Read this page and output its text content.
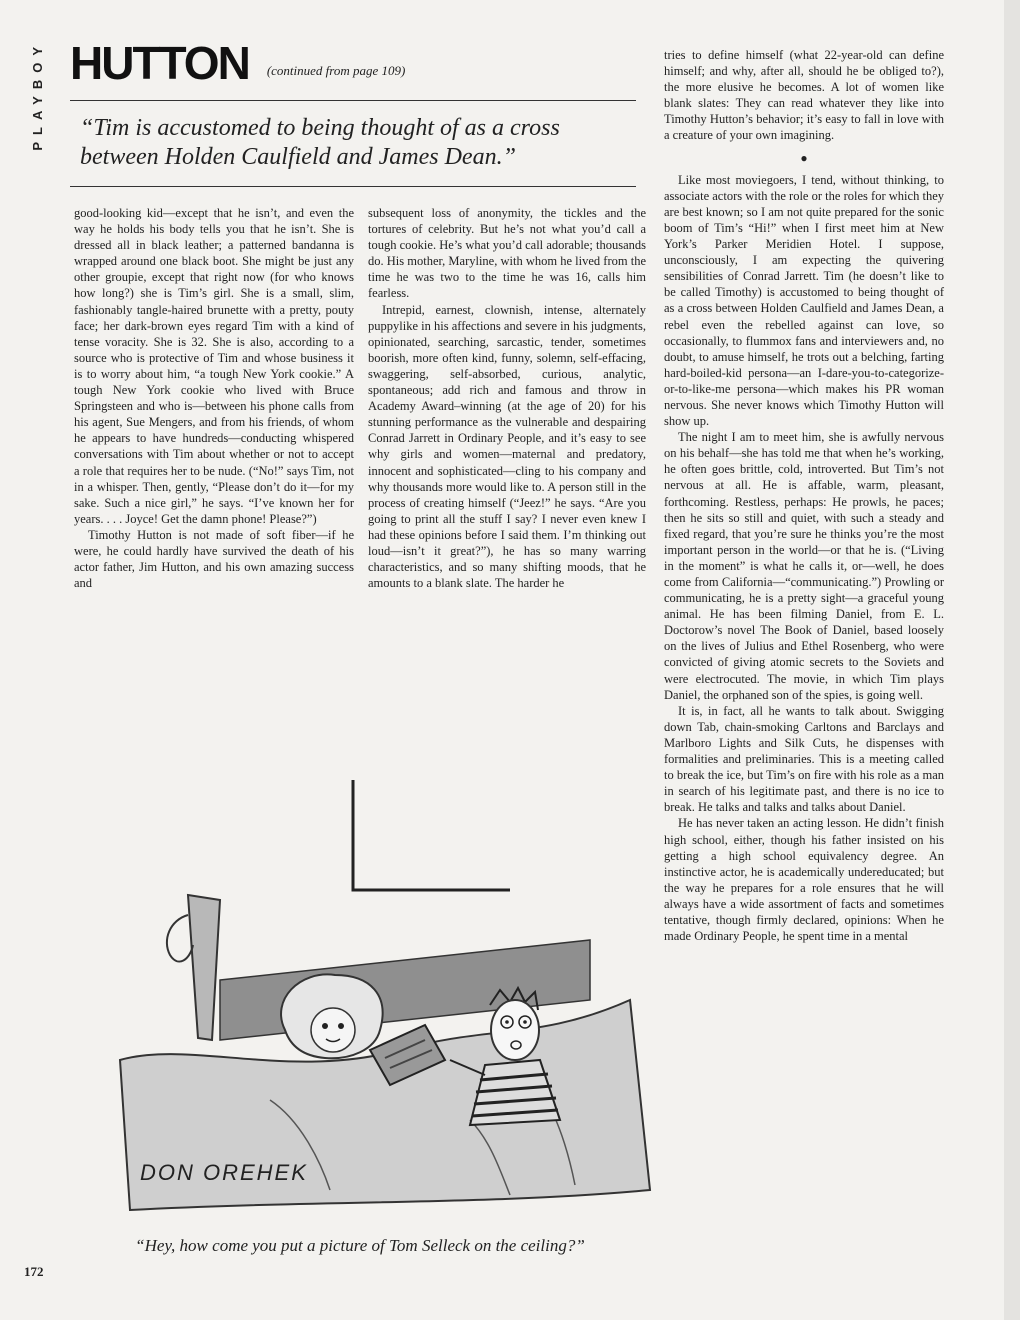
PLAYBOY
172
HUTTON $^{(continued from page 109)}$
“Tim is accustomed to being thought of as a cross between Holden Caulfield and James Dean.”

good-looking kid—except that he isn’t, and even the way he holds his body tells you that he isn’t. She is dressed all in black leather; a patterned bandanna is wrapped around one black boot. She might be just any other groupie, except that right now (for who knows how long?) she is Tim’s girl. She is a small, slim, fashionably tangle-haired brunette with a pretty, pouty face; her dark-brown eyes regard Tim with a kind of tense voracity. She is 32. She is also, according to a source who is protective of Tim and whose business it is to worry about him, “a tough New York cookie.” A tough New York cookie who lived with Bruce Springsteen and who is—between his phone calls from his agent, Sue Mengers, and from his friends, of whom he appears to have hundreds—conducting whispered conversations with Tim about whether or not to accept a role that requires her to be nude. (“No!” says Tim, not in a whisper. Then, gently, “Please don’t do it—for my sake. Such a nice girl,” he says. “I’ve known her for years. . . . Joyce! Get the damn phone! Please?”)

Timothy Hutton is not made of soft fiber—if he were, he could hardly have survived the death of his actor father, Jim Hutton, and his own amazing success and

subsequent loss of anonymity, the tickles and the tortures of celebrity. But he’s not what you’d call a tough cookie. He’s what you’d call adorable; thousands do. His mother, Maryline, with whom he lived from the time he was two to the time he was 16, calls him fearless.

Intrepid, earnest, clownish, intense, alternately puppylike in his affections and severe in his judgments, opinionated, searching, sarcastic, tender, sometimes boorish, more often kind, funny, solemn, self-effacing, swaggering, self-absorbed, curious, analytic, spontaneous; add rich and famous and throw in Academy Award–winning (at the age of 20) for his stunning performance as the vulnerable and despairing Conrad Jarrett in Ordinary People, and it’s easy to see why girls and women—maternal and predatory, innocent and sophisticated—cling to his company and why thousands more would like to. A person still in the process of creating himself (“Jeez!” he says. “Are you going to print all the stuff I say? I never even knew I had these opinions before I said them. I’m thinking out loud—isn’t it great?”), he has so many warring characteristics, and so many shifting moods, that he amounts to a blank slate. The harder he

tries to define himself (what 22-year-old can define himself; and why, after all, should he be obliged to?), the more elusive he becomes. A lot of women like blank slates: They can read whatever they like into Timothy Hutton’s behavior; it’s easy to fall in love with a creature of your own imagining.

●

Like most moviegoers, I tend, without thinking, to associate actors with the role or the roles for which they are best known; so I am not quite prepared for the sonic boom of Tim’s “Hi!” when I first meet him at New York’s Parker Meridien Hotel. I suppose, unconsciously, I am expecting the quivering sensibilities of Conrad Jarrett. Tim (he doesn’t like to be called Timothy) is accustomed to being thought of as a cross between Holden Caulfield and James Dean, a rebel even the rebelled against can love, so occasionally, to flummox fans and interviewers and, no doubt, to amuse himself, he trots out a belching, farting hard-boiled-kid persona—an I-dare-you-to-categorize-or-to-like-me persona—which makes his PR woman nervous. She never knows which Timothy Hutton will show up.

The night I am to meet him, she is awfully nervous on his behalf—she has told me that when he’s working, he often goes brittle, cold, introverted. But Tim’s not nervous at all. He is affable, warm, pleasant, forthcoming. Restless, perhaps: He prowls, he paces; then he sits so still and quiet, with such a steady and fixed regard, that you’re sure he thinks you’re the most important person in the world—or that he is. (“Living in the moment” is what he calls it, or—well, he does come from California—“communicating.”) Prowling or communicating, he is a pretty sight—a graceful young animal. He has been filming Daniel, from E. L. Doctorow’s novel The Book of Daniel, based loosely on the lives of Julius and Ethel Rosenberg, who were convicted of giving atomic secrets to the Soviets and were electrocuted. The movie, in which Tim plays Daniel, the orphaned son of the spies, is going well.

It is, in fact, all he wants to talk about. Swigging down Tab, chain-smoking Carltons and Barclays and Marlboro Lights and Silk Cuts, he dispenses with formalities and preliminaries. This is a meeting called to break the ice, but Tim’s on fire with his role as a man in search of his legitimate past, and there is no ice to break. He talks and talks and talks about Daniel.

He has never taken an acting lesson. He didn’t finish high school, either, though his father insisted on his getting a high school equivalency degree. An instinctive actor, he is academically undereducated; but the way he prepares for a role ensures that he will always have a wide assortment of facts and sometimes tentative, though firmly declared, opinions: When he made Ordinary People, he spent time in a mental

DON OREHEK
“Hey, how come you put a picture of Tom Selleck on the ceiling?”
